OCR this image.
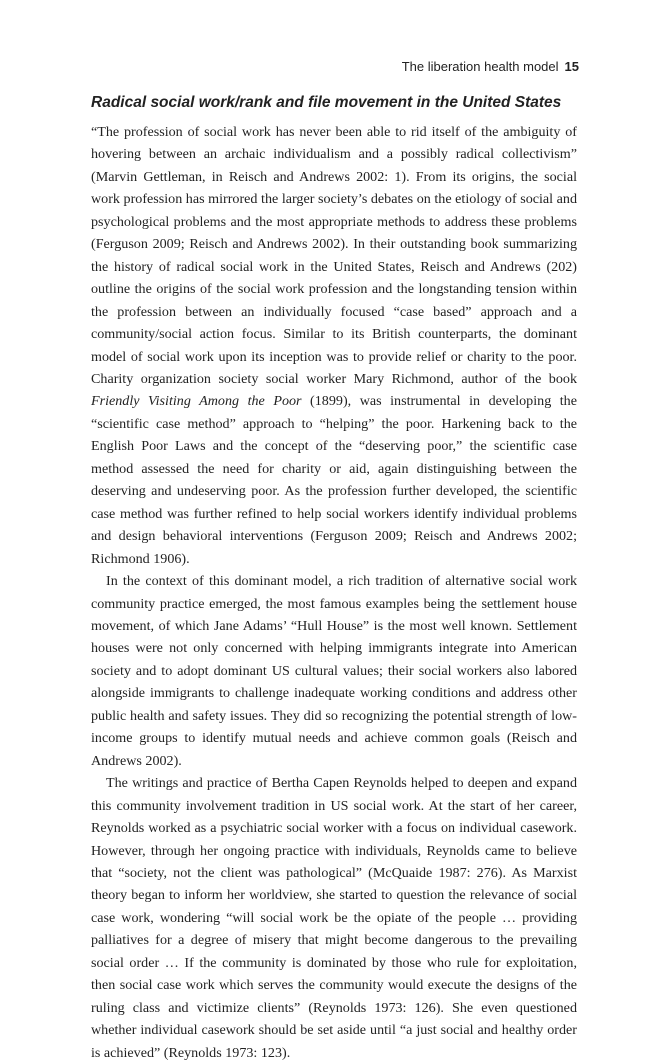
The liberation health model 15
Radical social work/rank and file movement in the United States

“The profession of social work has never been able to rid itself of the ambiguity of hovering between an archaic individualism and a possibly radical collectivism” (Marvin Gettleman, in Reisch and Andrews 2002: 1). From its origins, the social work profession has mirrored the larger society’s debates on the etiology of social and psychological problems and the most appropriate methods to address these problems (Ferguson 2009; Reisch and Andrews 2002). In their outstanding book summarizing the history of radical social work in the United States, Reisch and Andrews (202) outline the origins of the social work profession and the longstanding tension within the profession between an individually focused “case based” approach and a community/social action focus. Similar to its British counterparts, the dominant model of social work upon its inception was to provide relief or charity to the poor. Charity organization society social worker Mary Richmond, author of the book Friendly Visiting Among the Poor (1899), was instrumental in developing the “scientific case method” approach to “helping” the poor. Harkening back to the English Poor Laws and the concept of the “deserving poor,” the scientific case method assessed the need for charity or aid, again distinguishing between the deserving and undeserving poor. As the profession further developed, the scientific case method was further refined to help social workers identify individual problems and design behavioral interventions (Ferguson 2009; Reisch and Andrews 2002; Richmond 1906).

In the context of this dominant model, a rich tradition of alternative social work community practice emerged, the most famous examples being the settlement house movement, of which Jane Adams’ “Hull House” is the most well known. Settlement houses were not only concerned with helping immigrants integrate into American society and to adopt dominant US cultural values; their social workers also labored alongside immigrants to challenge inadequate working conditions and address other public health and safety issues. They did so recognizing the potential strength of low-income groups to identify mutual needs and achieve common goals (Reisch and Andrews 2002).

The writings and practice of Bertha Capen Reynolds helped to deepen and expand this community involvement tradition in US social work. At the start of her career, Reynolds worked as a psychiatric social worker with a focus on individual casework. However, through her ongoing practice with individuals, Reynolds came to believe that “society, not the client was pathological” (McQuaide 1987: 276). As Marxist theory began to inform her worldview, she started to question the relevance of social case work, wondering “will social work be the opiate of the people … providing palliatives for a degree of misery that might become dangerous to the prevailing social order … If the community is dominated by those who rule for exploitation, then social case work which serves the community would execute the designs of the ruling class and victimize clients” (Reynolds 1973: 126). She even questioned whether individual casework should be set aside until “a just social and healthy order is achieved” (Reynolds 1973: 123).
